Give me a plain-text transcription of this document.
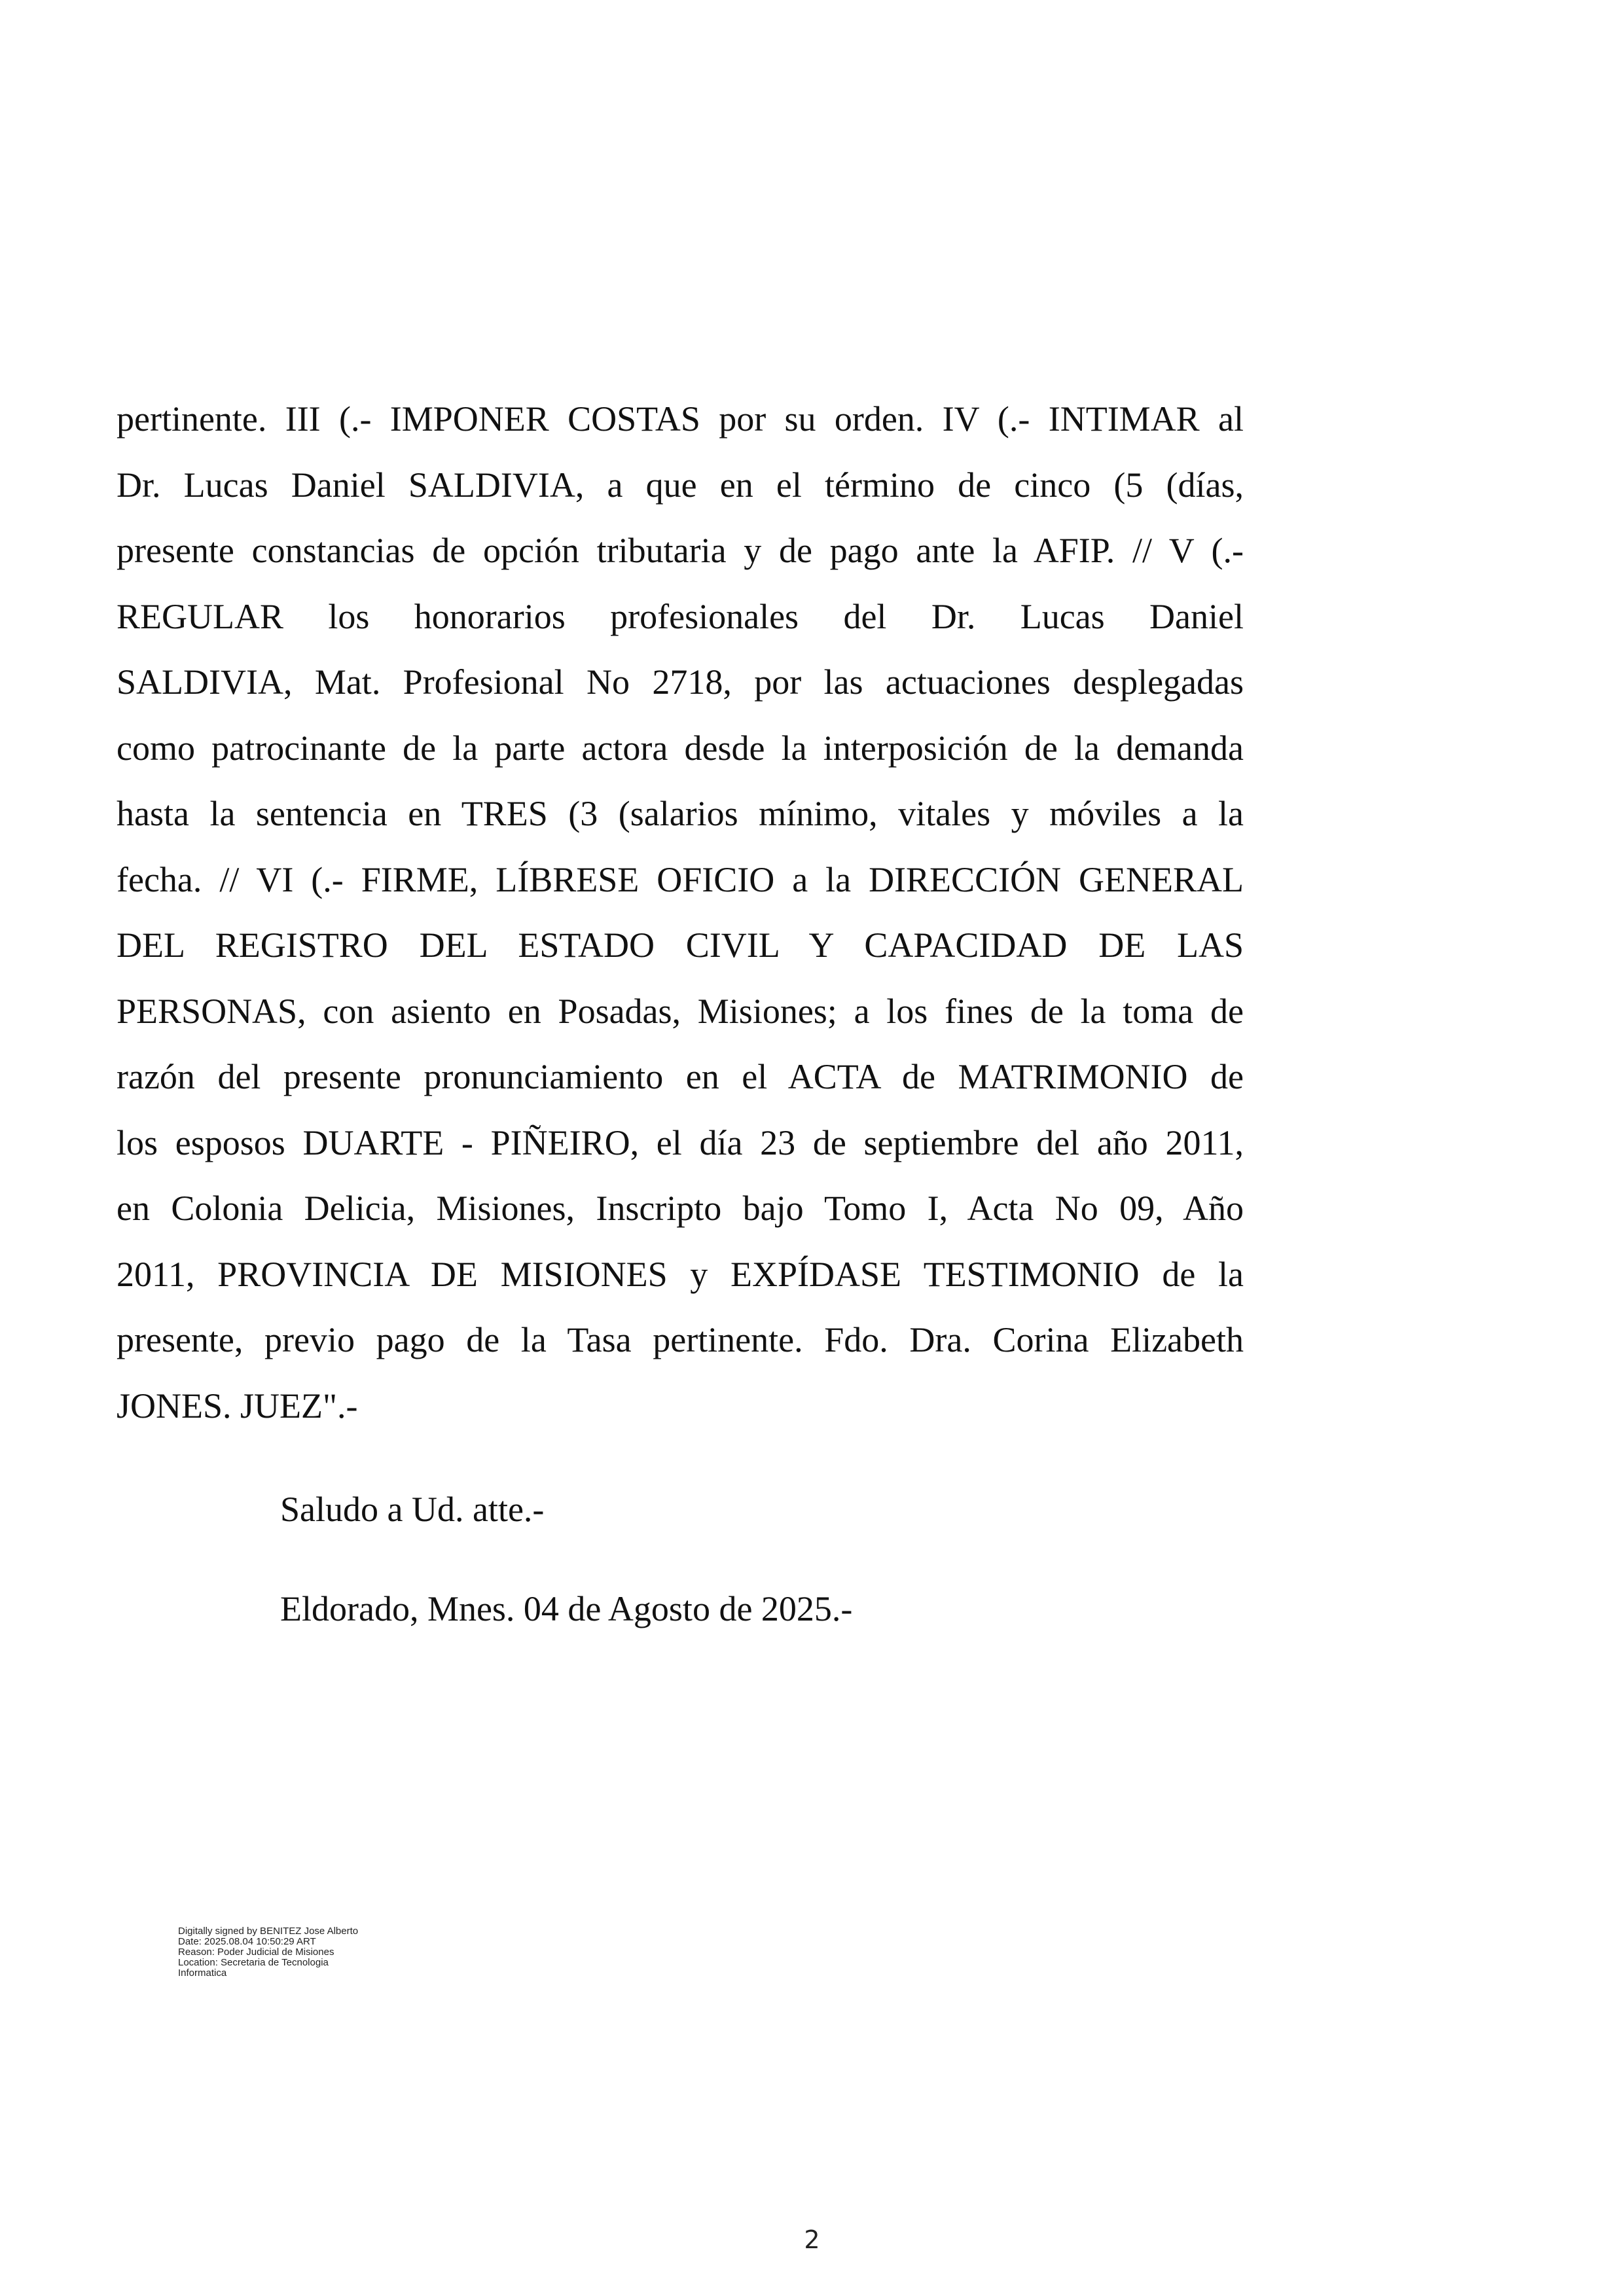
pertinente. III (.- IMPONER COSTAS por su orden. IV (.- INTIMAR al
Dr. Lucas Daniel SALDIVIA, a que en el término de cinco (5 (días,
presente constancias de opción tributaria y de pago ante la AFIP. // V (.-
REGULAR los honorarios profesionales del Dr. Lucas Daniel
SALDIVIA, Mat. Profesional No 2718, por las actuaciones desplegadas
como patrocinante de la parte actora desde la interposición de la demanda
hasta la sentencia en TRES (3 (salarios mínimo, vitales y móviles a la
fecha. // VI (.- FIRME, LÍBRESE OFICIO a la DIRECCIÓN GENERAL
DEL REGISTRO DEL ESTADO CIVIL Y CAPACIDAD DE LAS
PERSONAS, con asiento en Posadas, Misiones; a los fines de la toma de
razón del presente pronunciamiento en el ACTA de MATRIMONIO de
los esposos DUARTE - PIÑEIRO, el día 23 de septiembre del año 2011,
en Colonia Delicia, Misiones, Inscripto bajo Tomo I, Acta No 09, Año
2011, PROVINCIA DE MISIONES y EXPÍDASE TESTIMONIO de la
presente, previo pago de la Tasa pertinente. Fdo. Dra. Corina Elizabeth
JONES. JUEZ".-

Saludo a Ud. atte.-

Eldorado, Mnes. 04 de Agosto de 2025.-

Digitally signed by BENITEZ Jose Alberto
Date: 2025.08.04 10:50:29 ART
Reason: Poder Judicial de Misiones
Location: Secretaria de Tecnologia
Informatica
2
